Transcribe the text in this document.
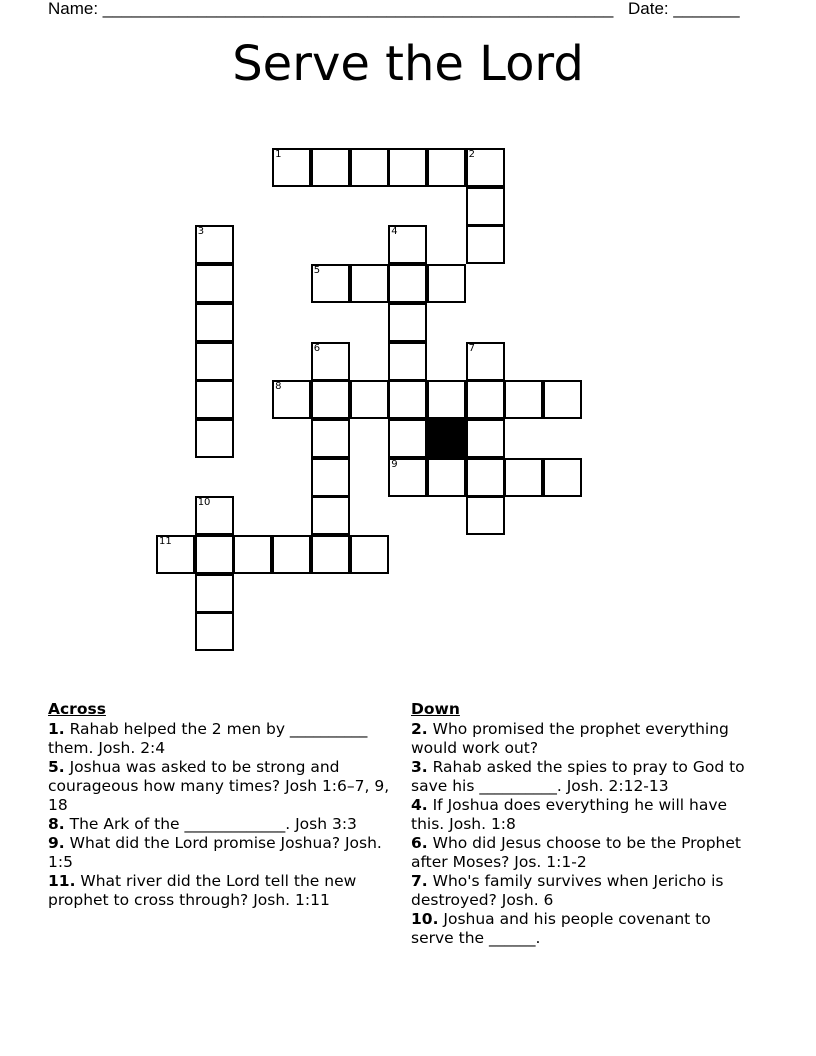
Name: ______________________________________________________ Date: _______
Serve the Lord
1	2
3	4
5
6	7
8
9
10
11
Across
1. Rahab helped the 2 men by __________ them. Josh. 2:4
5. Joshua was asked to be strong and courageous how many times? Josh 1:6–7, 9, 18
8. The Ark of the _____________. Josh 3:3
9. What did the Lord promise Joshua? Josh. 1:5
11. What river did the Lord tell the new prophet to cross through? Josh. 1:11
Down
2. Who promised the prophet everything would work out?
3. Rahab asked the spies to pray to God to save his __________. Josh. 2:12-13
4. If Joshua does everything he will have this. Josh. 1:8
6. Who did Jesus choose to be the Prophet after Moses? Jos. 1:1-2
7. Who's family survives when Jericho is destroyed? Josh. 6
10. Joshua and his people covenant to serve the ______.
